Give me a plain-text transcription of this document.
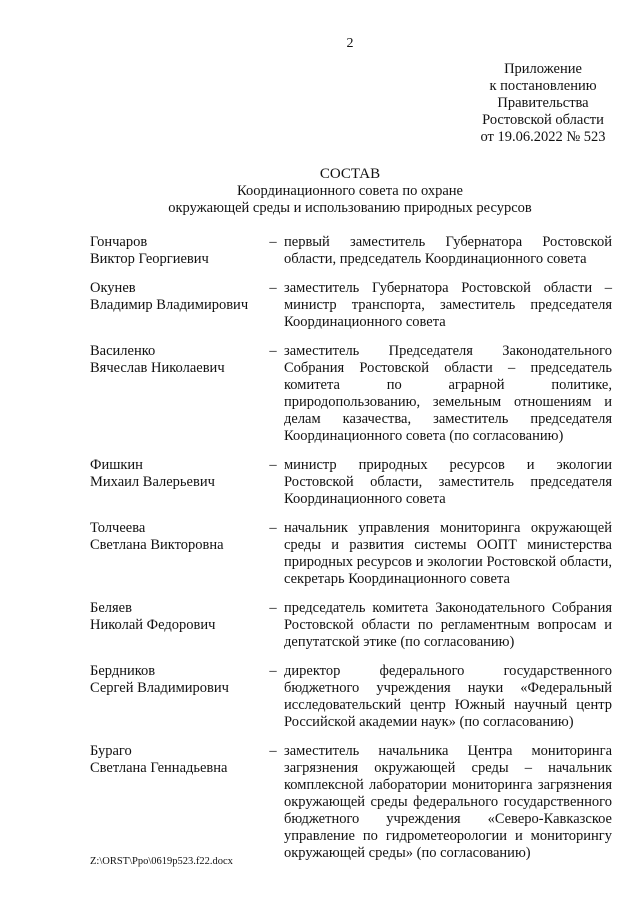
2
Приложение
к постановлению
Правительства
Ростовской области
от 19.06.2022 № 523
СОСТАВ
Координационного совета по охране
окружающей среды и использованию природных ресурсов
Гончаров
Виктор Георгиевич
– первый заместитель Губернатора Ростовской области, председатель Координационного совета
Окунев
Владимир Владимирович
– заместитель Губернатора Ростовской области – министр транспорта, заместитель председателя Координационного совета
Василенко
Вячеслав Николаевич
– заместитель Председателя Законодательного Собрания Ростовской области – председатель комитета по аграрной политике, природопользованию, земельным отношениям и делам казачества, заместитель председателя Координационного совета (по согласованию)
Фишкин
Михаил Валерьевич
– министр природных ресурсов и экологии Ростовской области, заместитель председателя Координационного совета
Толчеева
Светлана Викторовна
– начальник управления мониторинга окружающей среды и развития системы ООПТ министерства природных ресурсов и экологии Ростовской области, секретарь Координационного совета
Беляев
Николай Федорович
– председатель комитета Законодательного Собрания Ростовской области по регламентным вопросам и депутатской этике (по согласованию)
Бердников
Сергей Владимирович
– директор федерального государственного бюджетного учреждения науки «Федеральный исследовательский центр Южный научный центр Российской академии наук» (по согласованию)
Бураго
Светлана Геннадьевна
– заместитель начальника Центра мониторинга загрязнения окружающей среды – начальник комплексной лаборатории мониторинга загрязнения окружающей среды федерального государственного бюджетного учреждения «Северо-Кавказское управление по гидрометеорологии и мониторингу окружающей среды» (по согласованию)
Z:\ORST\Ppo\0619p523.f22.docx
